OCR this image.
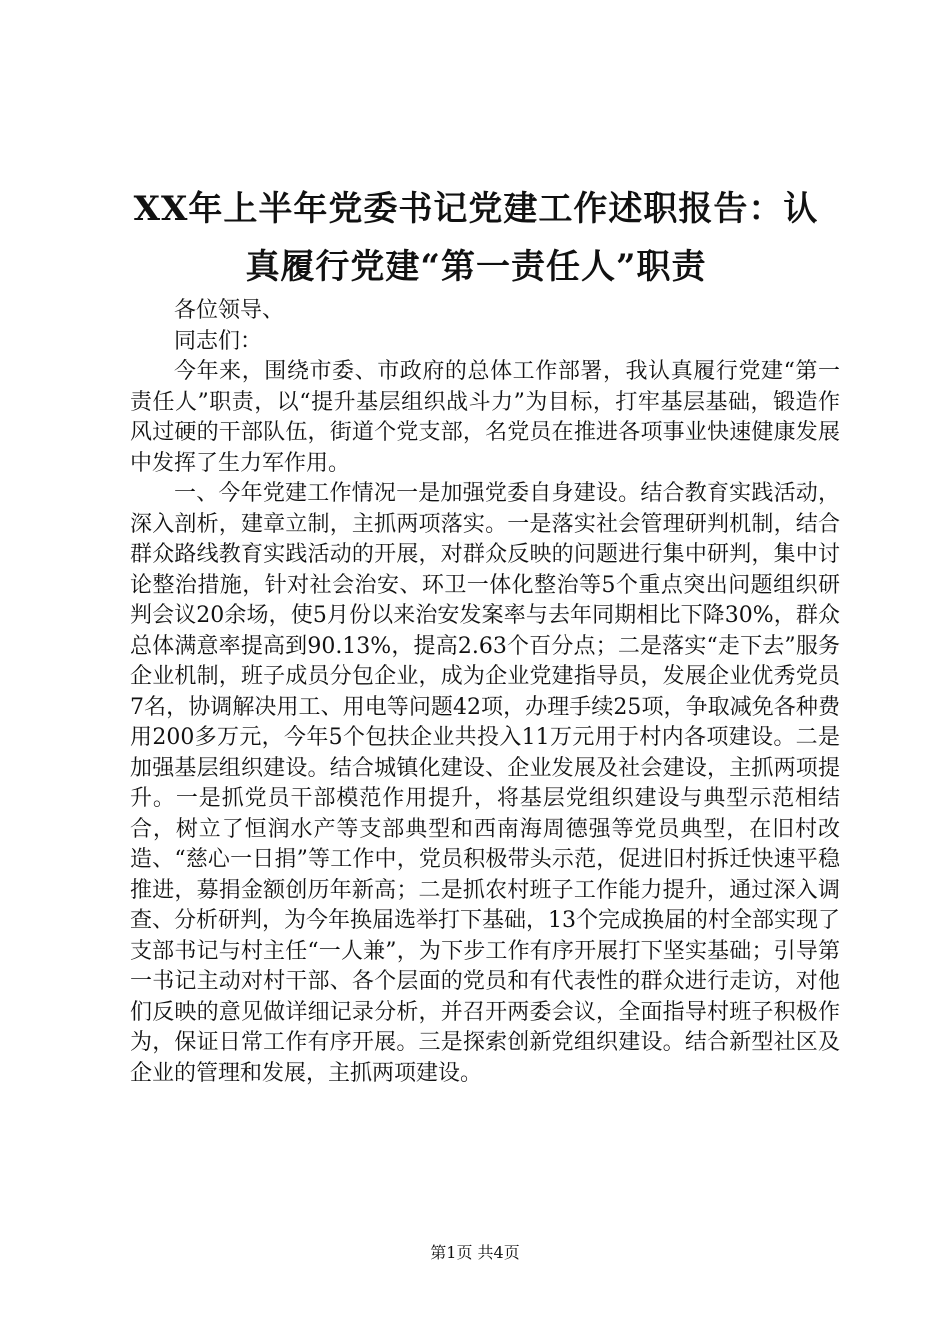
XX年上半年党委书记党建工作述职报告：认真履行党建“第一责任人”职责

各位领导、

同志们：

今年来，围绕市委、市政府的总体工作部署，我认真履行党建“第一责任人”职责，以“提升基层组织战斗力”为目标，打牢基层基础，锻造作风过硬的干部队伍，街道个党支部，名党员在推进各项事业快速健康发展中发挥了生力军作用。

一、今年党建工作情况一是加强党委自身建设。结合教育实践活动，深入剖析，建章立制，主抓两项落实。一是落实社会管理研判机制，结合群众路线教育实践活动的开展，对群众反映的问题进行集中研判，集中讨论整治措施，针对社会治安、环卫一体化整治等5个重点突出问题组织研判会议20余场，使5月份以来治安发案率与去年同期相比下降30%，群众总体满意率提高到90.13%，提高2.63个百分点；二是落实“走下去”服务企业机制，班子成员分包企业，成为企业党建指导员，发展企业优秀党员7名，协调解决用工、用电等问题42项，办理手续25项，争取减免各种费用200多万元，今年5个包扶企业共投入11万元用于村内各项建设。二是加强基层组织建设。结合城镇化建设、企业发展及社会建设，主抓两项提升。一是抓党员干部模范作用提升，将基层党组织建设与典型示范相结合，树立了恒润水产等支部典型和西南海周德强等党员典型，在旧村改造、“慈心一日捐”等工作中，党员积极带头示范，促进旧村拆迁快速平稳推进，募捐金额创历年新高；二是抓农村班子工作能力提升，通过深入调查、分析研判，为今年换届选举打下基础，13个完成换届的村全部实现了支部书记与村主任“一人兼”，为下步工作有序开展打下坚实基础；引导第一书记主动对村干部、各个层面的党员和有代表性的群众进行走访，对他们反映的意见做详细记录分析，并召开两委会议，全面指导村班子积极作为，保证日常工作有序开展。三是探索创新党组织建设。结合新型社区及企业的管理和发展，主抓两项建设。

第1页 共4页
